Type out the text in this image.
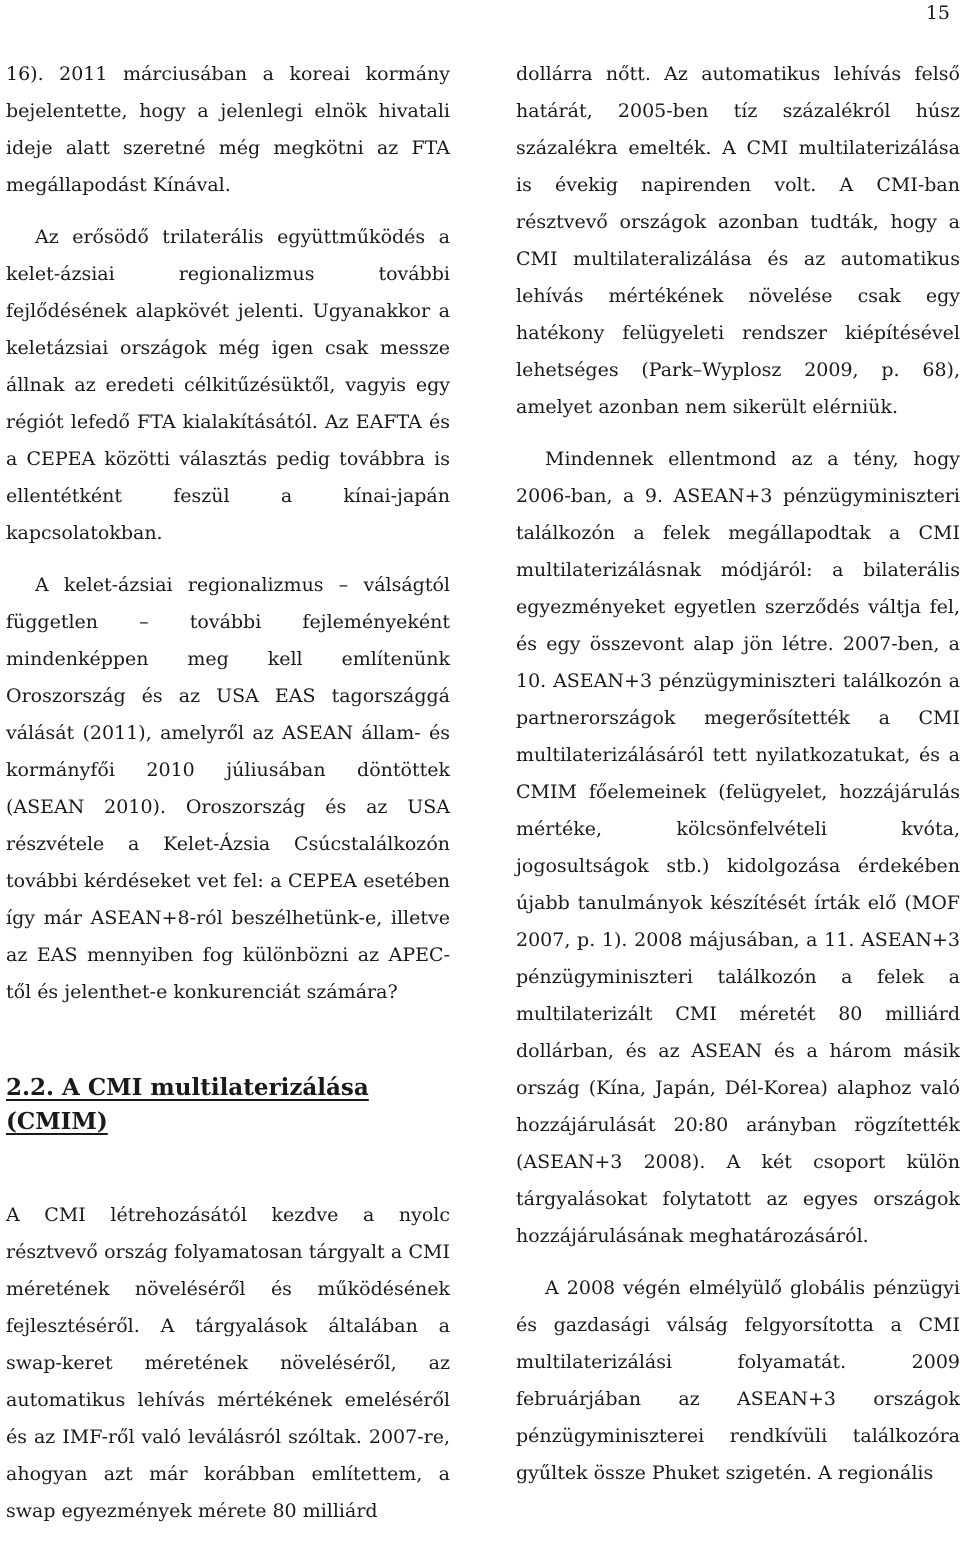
15

16). 2011 márciusában a koreai kormány bejelentette, hogy a jelenlegi elnök hivatali ideje alatt szeretné még megkötni az FTA megállapodást Kínával.

Az erősödő trilaterális együttműködés a kelet-ázsiai regionalizmus további fejlődésének alapkövét jelenti. Ugyanakkor a keletázsiai országok még igen csak messze állnak az eredeti célkitűzésüktől, vagyis egy régiót lefedő FTA kialakításától. Az EAFTA és a CEPEA közötti választás pedig továbbra is ellentétként feszül a kínai-japán kapcsolatokban.

A kelet-ázsiai regionalizmus – válságtól független – további fejleményeként mindenképpen meg kell említenünk Oroszország és az USA EAS tagországgá válását (2011), amelyről az ASEAN állam- és kormányfői 2010 júliusában döntöttek (ASEAN 2010). Oroszország és az USA részvétele a Kelet-Ázsia Csúcstalálkozón további kérdéseket vet fel: a CEPEA esetében így már ASEAN+8-ról beszélhetünk-e, illetve az EAS mennyiben fog különbözni az APEC-től és jelenthet-e konkurenciát számára?

2.2. A CMI multilaterizálása (CMIM)

A CMI létrehozásától kezdve a nyolc résztvevő ország folyamatosan tárgyalt a CMI méretének növeléséről és működésének fejlesztéséről. A tárgyalások általában a swap-keret méretének növeléséről, az automatikus lehívás mértékének emeléséről és az IMF-ről való leválásról szóltak. 2007-re, ahogyan azt már korábban említettem, a swap egyezmények mérete 80 milliárd

dollárra nőtt. Az automatikus lehívás felső határát, 2005-ben tíz százalékról húsz százalékra emelték. A CMI multilaterizálása is évekig napirenden volt. A CMI-ban résztvevő országok azonban tudták, hogy a CMI multilateralizálása és az automatikus lehívás mértékének növelése csak egy hatékony felügyeleti rendszer kiépítésével lehetséges (Park–Wyplosz 2009, p. 68), amelyet azonban nem sikerült elérniük.

Mindennek ellentmond az a tény, hogy 2006-ban, a 9. ASEAN+3 pénzügyminiszteri találkozón a felek megállapodtak a CMI multilaterizálásnak módjáról: a bilaterális egyezményeket egyetlen szerződés váltja fel, és egy összevont alap jön létre. 2007-ben, a 10. ASEAN+3 pénzügyminiszteri találkozón a partnerországok megerősítették a CMI multilaterizálásáról tett nyilatkozatukat, és a CMIM főelemeinek (felügyelet, hozzájárulás mértéke, kölcsönfelvételi kvóta, jogosultságok stb.) kidolgozása érdekében újabb tanulmányok készítését írták elő (MOF 2007, p. 1). 2008 májusában, a 11. ASEAN+3 pénzügyminiszteri találkozón a felek a multilaterizált CMI méretét 80 milliárd dollárban, és az ASEAN és a három másik ország (Kína, Japán, Dél-Korea) alaphoz való hozzájárulását 20:80 arányban rögzítették (ASEAN+3 2008). A két csoport külön tárgyalásokat folytatott az egyes országok hozzájárulásának meghatározásáról.

A 2008 végén elmélyülő globális pénzügyi és gazdasági válság felgyorsította a CMI multilaterizálási folyamatát. 2009 februárjában az ASEAN+3 országok pénzügyminiszterei rendkívüli találkozóra gyűltek össze Phuket szigetén. A regionális
